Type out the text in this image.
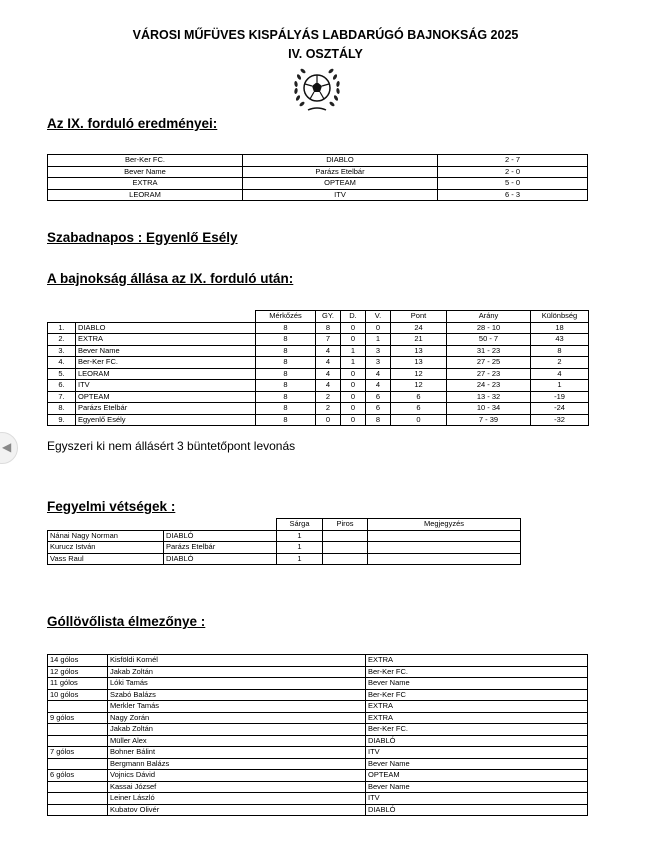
VÁROSI MŰFÜVES KISPÁLYÁS LABDARÚGÓ BAJNOKSÁG 2025
IV. OSZTÁLY
Az IX. forduló eredményei:
Ber-Ker FC.	DIABLO	2 - 7
Bever Name	Parázs Etelbár	2 - 0
EXTRA	OPTEAM	5 - 0
LEORAM	ITV	6 - 3
Szabadnapos : Egyenlő Esély
A bajnokság állása az IX. forduló után:
		Mérkőzés	GY.	D.	V.	Pont	Arány	Különbség
1.	DIABLO	8	8	0	0	24	28 - 10	18
2.	EXTRA	8	7	0	1	21	50 - 7	43
3.	Bever Name	8	4	1	3	13	31 - 23	8
4.	Ber-Ker FC.	8	4	1	3	13	27 - 25	2
5.	LEORAM	8	4	0	4	12	27 - 23	4
6.	ITV	8	4	0	4	12	24 - 23	1
7.	OPTEAM	8	2	0	6	6	13 - 32	-19
8.	Parázs Etelbár	8	2	0	6	6	10 - 34	-24
9.	Egyenlő Esély	8	0	0	8	0	7 - 39	-32
Egyszeri ki nem állásért 3 büntetőpont levonás
◀
Fegyelmi vétségek :
		Sárga	Piros	Megjegyzés
Nánai Nagy Norman	DIABLÓ	1		
Kurucz István	Parázs Etelbár	1		
Vass Raul	DIABLÓ	1		
Góllövőlista élmezőnye :
14 gólos	Kisföldi Kornél	EXTRA
12 gólos	Jakab Zoltán	Ber-Ker FC.
11 gólos	Lóki Tamás	Bever Name
10 gólos	Szabó Balázs	Ber-Ker FC
	Merkler Tamás	EXTRA
9 gólos	Nagy Zorán	EXTRA
	Jakab Zoltán	Ber-Ker FC.
	Müller Alex	DIABLÓ
7 gólos	Bohner Bálint	ITV
	Bergmann Balázs	Bever Name
6 gólos	Vojnics Dávid	OPTEAM
	Kassai József	Bever Name
	Leiner László	ITV
	Kubatov Olivér	DIABLÓ
